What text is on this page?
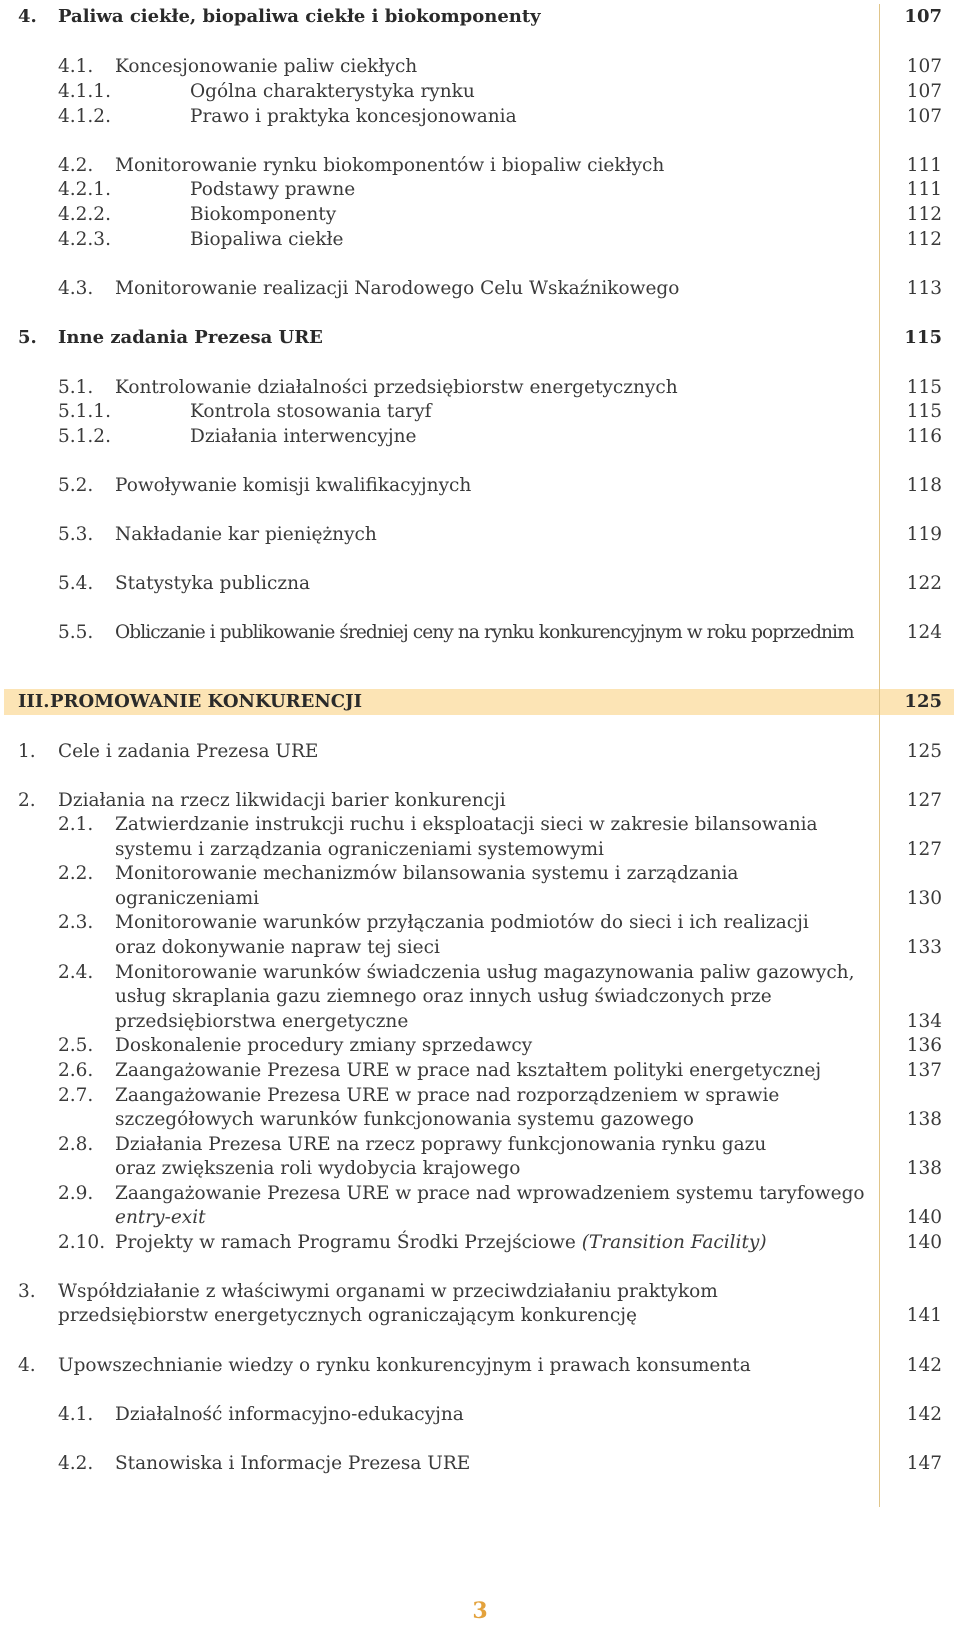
4. Paliwa ciekłe, biopaliwa ciekłe i biokomponenty	107
4.1. Koncesjonowanie paliw ciekłych	107
4.1.1.	Ogólna charakterystyka rynku	107
4.1.2.	Prawo i praktyka koncesjonowania	107
4.2. Monitorowanie rynku biokomponentów i biopaliw ciekłych	111
4.2.1.	Podstawy prawne	111
4.2.2.	Biokomponenty	112
4.2.3.	Biopaliwa ciekłe	112
4.3. Monitorowanie realizacji Narodowego Celu Wskaźnikowego	113
5. Inne zadania Prezesa URE	115
5.1. Kontrolowanie działalności przedsiębiorstw energetycznych	115
5.1.1.	Kontrola stosowania taryf	115
5.1.2.	Działania interwencyjne	116
5.2. Powoływanie komisji kwalifikacyjnych	118
5.3. Nakładanie kar pieniężnych	119
5.4. Statystyka publiczna	122
5.5. Obliczanie i publikowanie średniej ceny na rynku konkurencyjnym w roku poprzednim	124
III. PROMOWANIE KONKURENCJI	125
1. Cele i zadania Prezesa URE	125
2. Działania na rzecz likwidacji barier konkurencji	127
2.1. Zatwierdzanie instrukcji ruchu i eksploatacji sieci w zakresie bilansowania
systemu i zarządzania ograniczeniami systemowymi	127
2.2. Monitorowanie mechanizmów bilansowania systemu i zarządzania
ograniczeniami	130
2.3. Monitorowanie warunków przyłączania podmiotów do sieci i ich realizacji
oraz dokonywanie napraw tej sieci	133
2.4. Monitorowanie warunków świadczenia usług magazynowania paliw gazowych,
usług skraplania gazu ziemnego oraz innych usług świadczonych prze
przedsiębiorstwa energetyczne	134
2.5. Doskonalenie procedury zmiany sprzedawcy	136
2.6. Zaangażowanie Prezesa URE w prace nad kształtem polityki energetycznej	137
2.7. Zaangażowanie Prezesa URE w prace nad rozporządzeniem w sprawie
szczegółowych warunków funkcjonowania systemu gazowego	138
2.8. Działania Prezesa URE na rzecz poprawy funkcjonowania rynku gazu
oraz zwiększenia roli wydobycia krajowego	138
2.9. Zaangażowanie Prezesa URE w prace nad wprowadzeniem systemu taryfowego
entry-exit	140
2.10. Projekty w ramach Programu Środki Przejściowe (Transition Facility)	140
3. Współdziałanie z właściwymi organami w przeciwdziałaniu praktykom
przedsiębiorstw energetycznych ograniczającym konkurencję	141
4. Upowszechnianie wiedzy o rynku konkurencyjnym i prawach konsumenta	142
4.1. Działalność informacyjno-edukacyjna	142
4.2. Stanowiska i Informacje Prezesa URE	147
3
